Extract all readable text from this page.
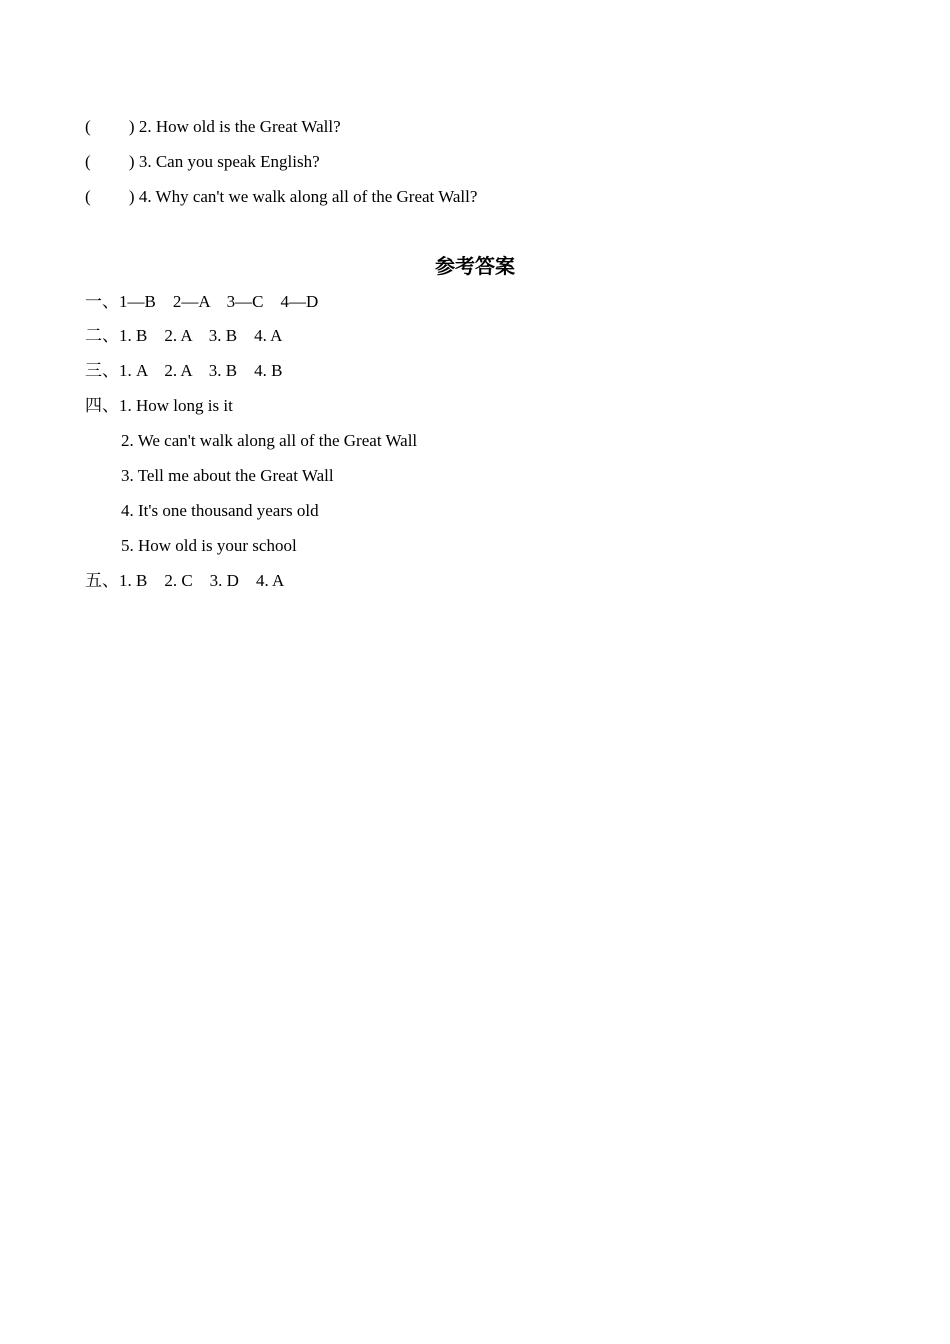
(         ) 2. How old is the Great Wall?

(         ) 3. Can you speak English?

(         ) 4. Why can't we walk along all of the Great Wall?

参考答案

一、1—B    2—A    3—C    4—D

二、1. B    2. A    3. B    4. A

三、1. A    2. A    3. B    4. B

四、1. How long is it

2. We can't walk along all of the Great Wall

3. Tell me about the Great Wall

4. It's one thousand years old

5. How old is your school

五、1. B    2. C    3. D    4. A
